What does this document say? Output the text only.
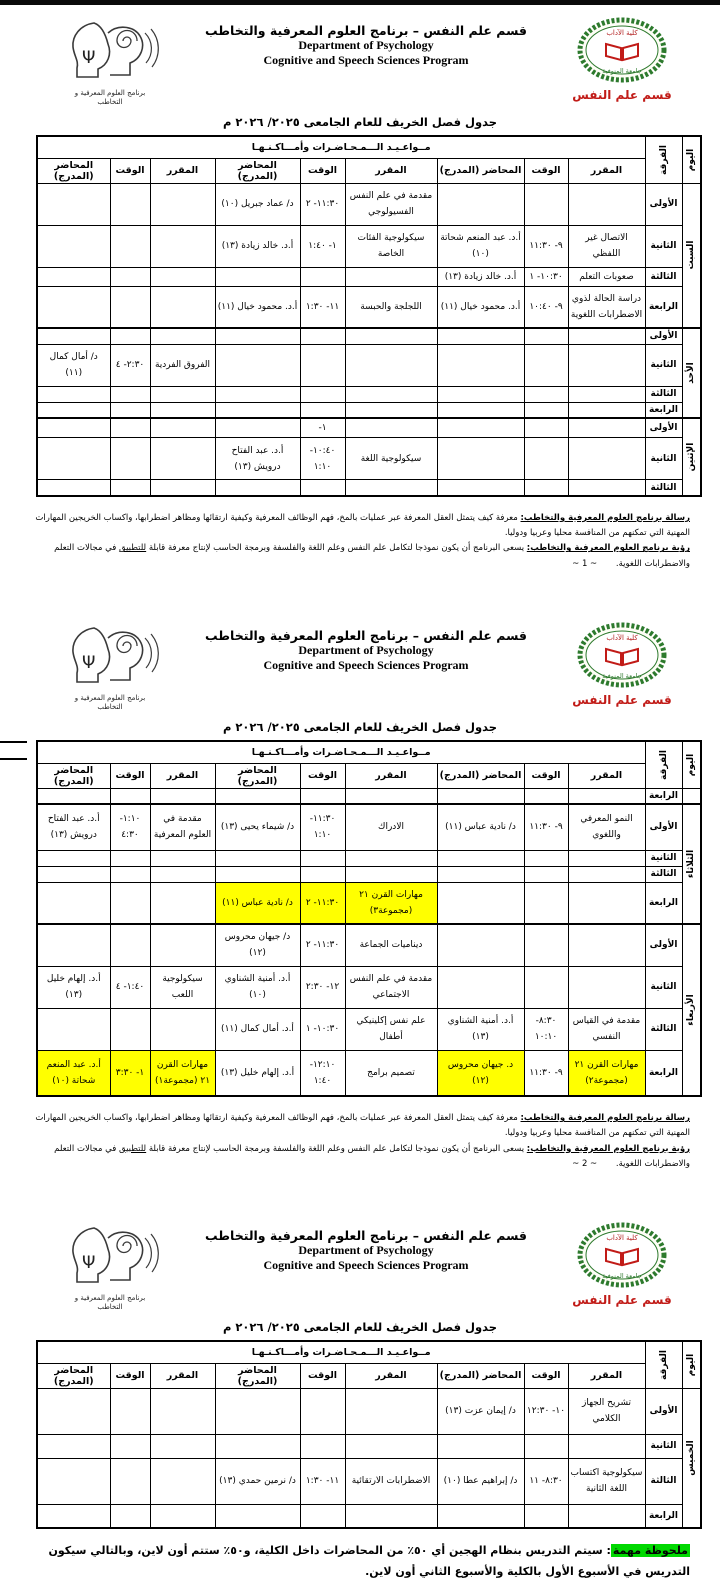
Ψ
برنامج العلوم المعرفية و التخاطب
قسم علم النفس – برنامج العلوم المعرفية والتخاطب
Department of Psychology
Cognitive and Speech Sciences Program
كلية الآداب
جامعة المنوفية
قسم علم النفس
جدول فصل الخريف للعام الجامعى ٢٠٢٥/ ٢٠٢٦ م
اليوم	الفرقة	مــواعـيـد الـــمـحـاضـرات وأمـــاكـنـهـا								
		المقرر	الوقت	المحاضر (المدرج)	المقرر	الوقت	المحاضر (المدرج)	المقرر	الوقت	المحاضر (المدرج)

السبت	الأولى				مقدمة في علم النفس الفسيولوجي	١١:٣٠- ٢	د/ عماد جبريل (١٠)			
	الثانية	الاتصال غير اللفظي	٩- ١١:٣٠	أ.د. عبد المنعم شحاتة (١٠)	سيكولوجية الفئات الخاصة	١- ١:٤٠	أ.د. خالد زيادة (١٣)			
	الثالثة	صعوبات التعلم	١٠:٣٠- ١	أ.د. خالد زيادة (١٣)						
	الرابعة	دراسة الحالة لذوي الاضطرابات اللغوية	٩- ١٠:٤٠	أ.د. محمود خيال (١١)	اللجلجة والحبسة	١١- ١:٣٠	أ.د. محمود خيال (١١)			

الأحد	الأولى									
	الثانية							الفروق الفردية	٢:٣٠- ٤	د/ أمال كمال (١١)
	الثالثة									
	الرابعة									

الإثنين	الأولى					١-				
	الثانية				سيكولوجية اللغة	١٠:٤٠- ١:١٠	أ.د. عبد الفتاح درويش (١٣)			
	الثالثة									
رسالة برنامج العلوم المعرفية والتخاطب: معرفة كيف يتمثل العقل المعرفة عبر عمليات بالمخ، فهم الوظائف المعرفية وكيفية ارتقائها ومظاهر اضطرابها، واكساب الخريجين المهارات المهنية التي تمكنهم من المنافسة محليا وعربيا ودوليا.
رؤية برنامج العلوم المعرفية والتخاطب: يسعى البرنامج أن يكون نموذجا لتكامل علم النفس وعلم اللغة والفلسفة وبرمجة الحاسب لإنتاج معرفة قابلة للتطبيق في مجالات التعلم والاضطرابات اللغوية. ~ 1 ~
Ψ
برنامج العلوم المعرفية و التخاطب
قسم علم النفس – برنامج العلوم المعرفية والتخاطب
Department of Psychology
Cognitive and Speech Sciences Program
كلية الآداب
جامعة المنوفية
قسم علم النفس
جدول فصل الخريف للعام الجامعى ٢٠٢٥/ ٢٠٢٦ م
اليوم	الفرقة	مــواعـيـد الـــمـحـاضـرات وأمـــاكـنـهـا								
		المقرر	الوقت	المحاضر (المدرج)	المقرر	الوقت	المحاضر (المدرج)	المقرر	الوقت	المحاضر (المدرج)
	الرابعة									

الثلاثاء	الأولى	النمو المعرفي واللغوي	٩- ١١:٣٠	د/ نادية عباس (١١)	الادراك	١١:٣٠- ١:١٠	د/ شيماء يحيى (١٣)	مقدمة في العلوم المعرفية	١:١٠- ٤:٣٠	أ.د. عبد الفتاح درويش (١٣)
	الثانية									
	الثالثة									
	الرابعة				مهارات القرن ٢١ (مجموعة٣)	١١:٣٠- ٢	د/ نادية عباس (١١)			

الأربعاء	الأولى				ديناميات الجماعة	١١:٣٠- ٢	د/ جيهان محروس (١٢)			
	الثانية				مقدمة في علم النفس الاجتماعي	١٢- ٢:٣٠	أ.د. أمنية الشناوي (١٠)	سيكولوجية اللعب	١:٤٠- ٤	أ.د. إلهام خليل (١٣)
	الثالثة	مقدمة في القياس النفسي	٨:٣٠- ١٠:١٠	أ.د. أمنية الشناوي (١٣)	علم نفس إكلينيكي أطفال	١٠:٣٠- ١	أ.د. أمال كمال (١١)			
	الرابعة	مهارات القرن ٢١ (مجموعة٢)	٩- ١١:٣٠	د. جيهان محروس (١٢)	تصميم برامج	١٢:١٠- ١:٤٠	أ.د. إلهام خليل (١٣)	مهارات القرن ٢١ (مجموعة١)	١- ٣:٣٠	أ.د. عبد المنعم شحاتة (١٠)
رسالة برنامج العلوم المعرفية والتخاطب: معرفة كيف يتمثل العقل المعرفة عبر عمليات بالمخ، فهم الوظائف المعرفية وكيفية ارتقائها ومظاهر اضطرابها، واكساب الخريجين المهارات المهنية التي تمكنهم من المنافسة محليا وعربيا ودوليا.
رؤية برنامج العلوم المعرفية والتخاطب: يسعى البرنامج أن يكون نموذجا لتكامل علم النفس وعلم اللغة والفلسفة وبرمجة الحاسب لإنتاج معرفة قابلة للتطبيق في مجالات التعلم والاضطرابات اللغوية. ~ 2 ~
Ψ
برنامج العلوم المعرفية و التخاطب
قسم علم النفس – برنامج العلوم المعرفية والتخاطب
Department of Psychology
Cognitive and Speech Sciences Program
كلية الآداب
جامعة المنوفية
قسم علم النفس
جدول فصل الخريف للعام الجامعى ٢٠٢٥/ ٢٠٢٦ م
اليوم	الفرقة	مــواعـيـد الـــمـحـاضـرات وأمـــاكـنـهـا								
		المقرر	الوقت	المحاضر (المدرج)	المقرر	الوقت	المحاضر (المدرج)	المقرر	الوقت	المحاضر (المدرج)

الخميس	الأولى	تشريح الجهاز الكلامي	١٠- ١٢:٣٠	د/ إيمان عزت (١٣)						
	الثانية									
	الثالثة	سيكولوجية اكتساب اللغة الثانية	٨:٣٠- ١١	د/ إبراهيم عطا (١٠)	الاضطرابات الارتقائية	١١- ١:٣٠	د/ نرمين حمدي (١٣)			
	الرابعة									
ملحوظة مهمة: سيتم التدريس بنظام الهجين أي ٥٠٪ من المحاضرات داخل الكلية، و٥٠٪ ستتم أون لاين، وبالتالي سيكون التدريس في الأسبوع الأول بالكلية والأسبوع الثاني أون لاين.
